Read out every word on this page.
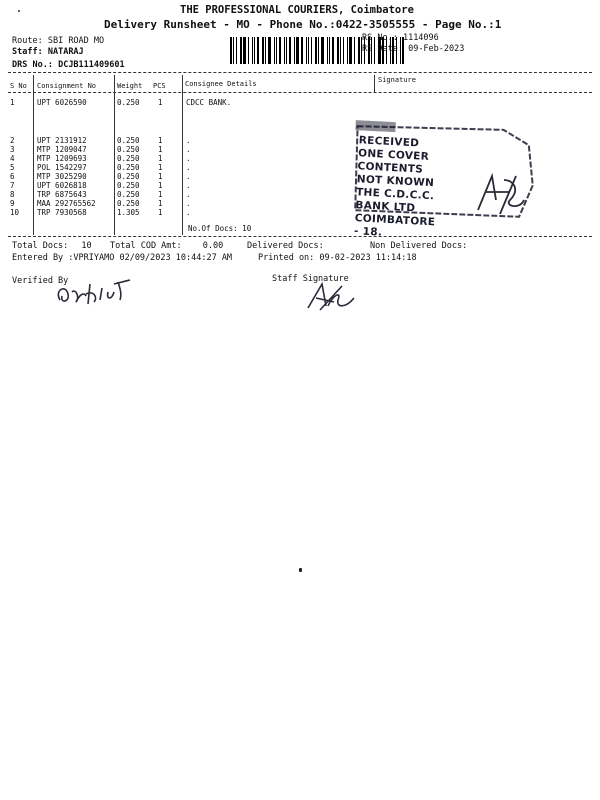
THE PROFESSIONAL COURIERS, Coimbatore
Delivery Runsheet - MO - Phone No.:0422-3505555 - Page No.:1
Route: SBI ROAD MO
Staff: NATARAJ
DRS No.: DCJB111409601
RS No.: 1114096
RS Date: 09-Feb-2023
S No Consignment No	Weight PCS	Consignee Details	Signature
1	UPT 6026590	0.250 1	CDCC BANK.
2	UPT 2131912	0.250 1	.
3	MTP 1209047	0.250 1	.
4	MTP 1209693	0.250 1	.
5	POL 1542297	0.250 1	.
6	MTP 3025290	0.250 1	.
7	UPT 6026818	0.250 1	.
8	TRP 6875643	0.250 1	.
9	MAA 292765562	0.250 1	.
10 TRP 7930568	1.305 1	.
No.Of Docs: 10
RECEIVED ONE COVER
CONTENTS NOT KNOWN
THE C.D.C.C. BANK LTD
COIMBATORE - 18.
Total Docs: 10 Total COD Amt: 0.00	Delivered Docs:	Non Delivered Docs:
Entered By :VPRIYAMO 02/09/2023 10:44:27 AM	Printed on: 09-02-2023 11:14:18
Verified By	Staff Signature
